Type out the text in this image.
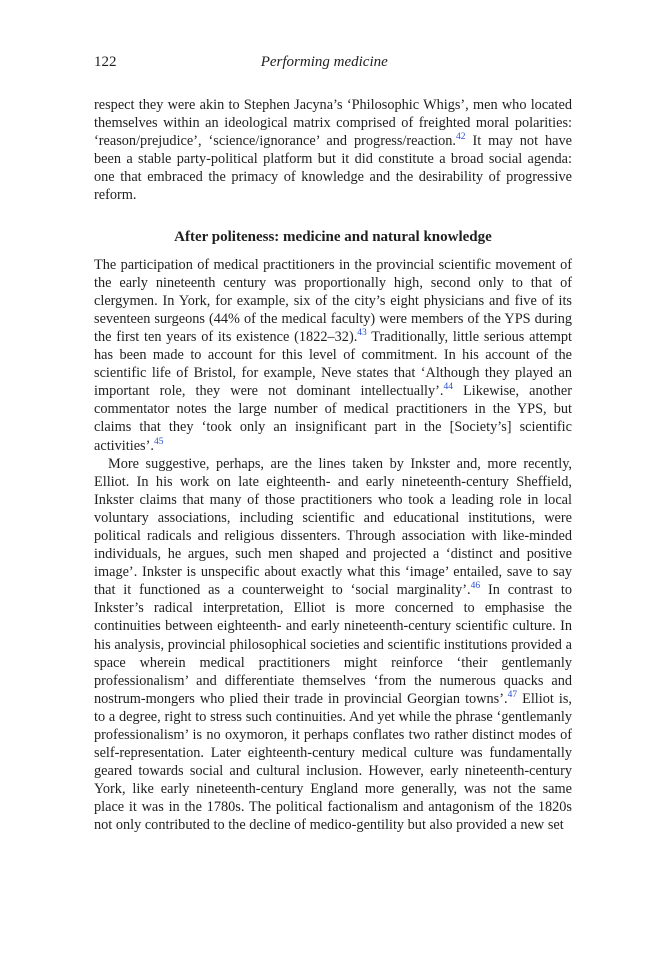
122	Performing medicine

respect they were akin to Stephen Jacyna’s ‘Philosophic Whigs’, men who located themselves within an ideological matrix comprised of freighted moral polarities: ‘reason/prejudice’, ‘science/ignorance’ and progress/reaction.$^{42}$ It may not have been a stable party-political platform but it did constitute a broad social agenda: one that embraced the primacy of knowledge and the desirability of progressive reform.

After politeness: medicine and natural knowledge

The participation of medical practitioners in the provincial scientific movement of the early nineteenth century was proportionally high, second only to that of clergymen. In York, for example, six of the city’s eight physicians and five of its seventeen surgeons (44% of the medical faculty) were members of the YPS during the first ten years of its existence (1822–32).$^{43}$ Traditionally, little serious attempt has been made to account for this level of commitment. In his account of the scientific life of Bristol, for example, Neve states that ‘Although they played an important role, they were not dominant intellectually’.$^{44}$ Likewise, another commentator notes the large number of medical practitioners in the YPS, but claims that they ‘took only an insignificant part in the [Society’s] scientific activities’.$^{45}$

More suggestive, perhaps, are the lines taken by Inkster and, more recently, Elliot. In his work on late eighteenth- and early nineteenth-century Sheffield, Inkster claims that many of those practitioners who took a leading role in local voluntary associations, including scientific and educational institutions, were political radicals and religious dissenters. Through association with like-minded individuals, he argues, such men shaped and projected a ‘distinct and positive image’. Inkster is unspecific about exactly what this ‘image’ entailed, save to say that it functioned as a counterweight to ‘social marginality’.$^{46}$ In contrast to Inkster’s radical interpretation, Elliot is more concerned to emphasise the continuities between eighteenth- and early nineteenth-century scientific culture. In his analysis, provincial philosophical societies and scientific institutions provided a space wherein medical practitioners might reinforce ‘their gentlemanly professionalism’ and differentiate themselves ‘from the numerous quacks and nostrum-mongers who plied their trade in provincial Georgian towns’.$^{47}$ Elliot is, to a degree, right to stress such continuities. And yet while the phrase ‘gentlemanly professionalism’ is no oxymoron, it perhaps conflates two rather distinct modes of self-representation. Later eighteenth-century medical culture was fundamentally geared towards social and cultural inclusion. However, early nineteenth-century York, like early nineteenth-century England more generally, was not the same place it was in the 1780s. The political factionalism and antagonism of the 1820s not only contributed to the decline of medico-gentility but also provided a new set
